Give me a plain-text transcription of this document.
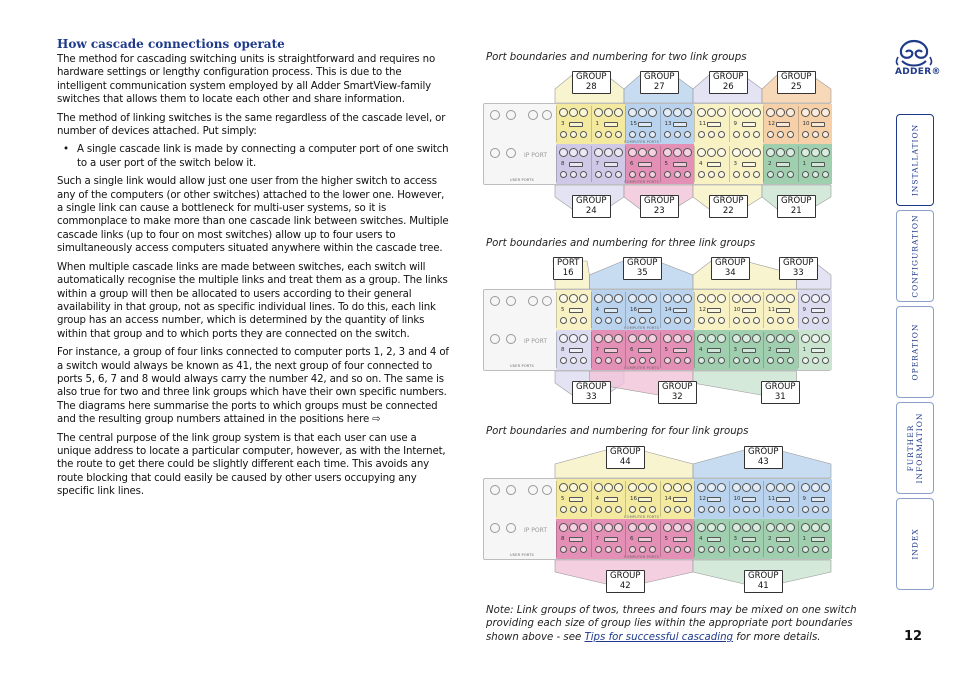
How cascade connections operate

The method for cascading switching units is straightforward and requires no hardware settings or lengthy configuration process. This is due to the intelligent communication system employed by all Adder SmartView-family switches that allows them to locate each other and share information.

The method of linking switches is the same regardless of the cascade level, or number of devices attached. Put simply:

• A single cascade link is made by connecting a computer port of one switch to a user port of the switch below it.

Such a single link would allow just one user from the higher switch to access any of the computers (or other switches) attached to the lower one. However, a single link can cause a bottleneck for multi-user systems, so it is commonplace to make more than one cascade link between switches. Multiple cascade links (up to four on most switches) allow up to four users to simultaneously access computers situated anywhere within the cascade tree.

When multiple cascade links are made between switches, each switch will automatically recognise the multiple links and treat them as a group. The links within a group will then be allocated to users according to their general availability in that group, not as specific individual lines. To do this, each link group has an access number, which is determined by the quantity of links within that group and to which ports they are connected on the switch.

For instance, a group of four links connected to computer ports 1, 2, 3 and 4 of a switch would always be known as 41, the next group of four connected to ports 5, 6, 7 and 8 would always carry the number 42, and so on. The same is also true for two and three link groups which have their own specific numbers. The diagrams here summarise the ports to which groups must be connected and the resulting group numbers attained in the positions here ⇨

The central purpose of the link group system is that each user can use a unique address to locate a particular computer, however, as with the Internet, the route to get there could be slightly different each time. This avoids any route blocking that could easily be caused by other users occupying any specific link lines.

Port boundaries and numbering for two link groups
Port boundaries and numbering for three link groups
Port boundaries and numbering for four link groups
3	1	15	13	11	9	12	10
8	7	6	5	4	3	2	1
IP PORT
USER PORTS
COMPUTER PORTS
COMPUTER PORTS
GROUP
28
GROUP
27
GROUP
26
GROUP
25
GROUP
24
GROUP
23
GROUP
22
GROUP
21
5	4	16	14	12	10	11	9
8	7	6	5	4	3	2	1
IP PORT
USER PORTS
COMPUTER PORTS
COMPUTER PORTS
PORT
16
GROUP
35
GROUP
34
GROUP
33
GROUP
33
GROUP
32
GROUP
31
5	4	16	14	12	10	11	9
8	7	6	5	4	3	2	1
IP PORT
USER PORTS
COMPUTER PORTS
COMPUTER PORTS
GROUP
44
GROUP
43
GROUP
42
GROUP
41
ADDER®
INSTALLATION
CONFIGURATION
OPERATION
FURTHER INFORMATION
INDEX
Note: Link groups of twos, threes and fours may be mixed on one switch providing each size of group lies within the appropriate port boundaries shown above - see Tips for successful cascading for more details.	12
